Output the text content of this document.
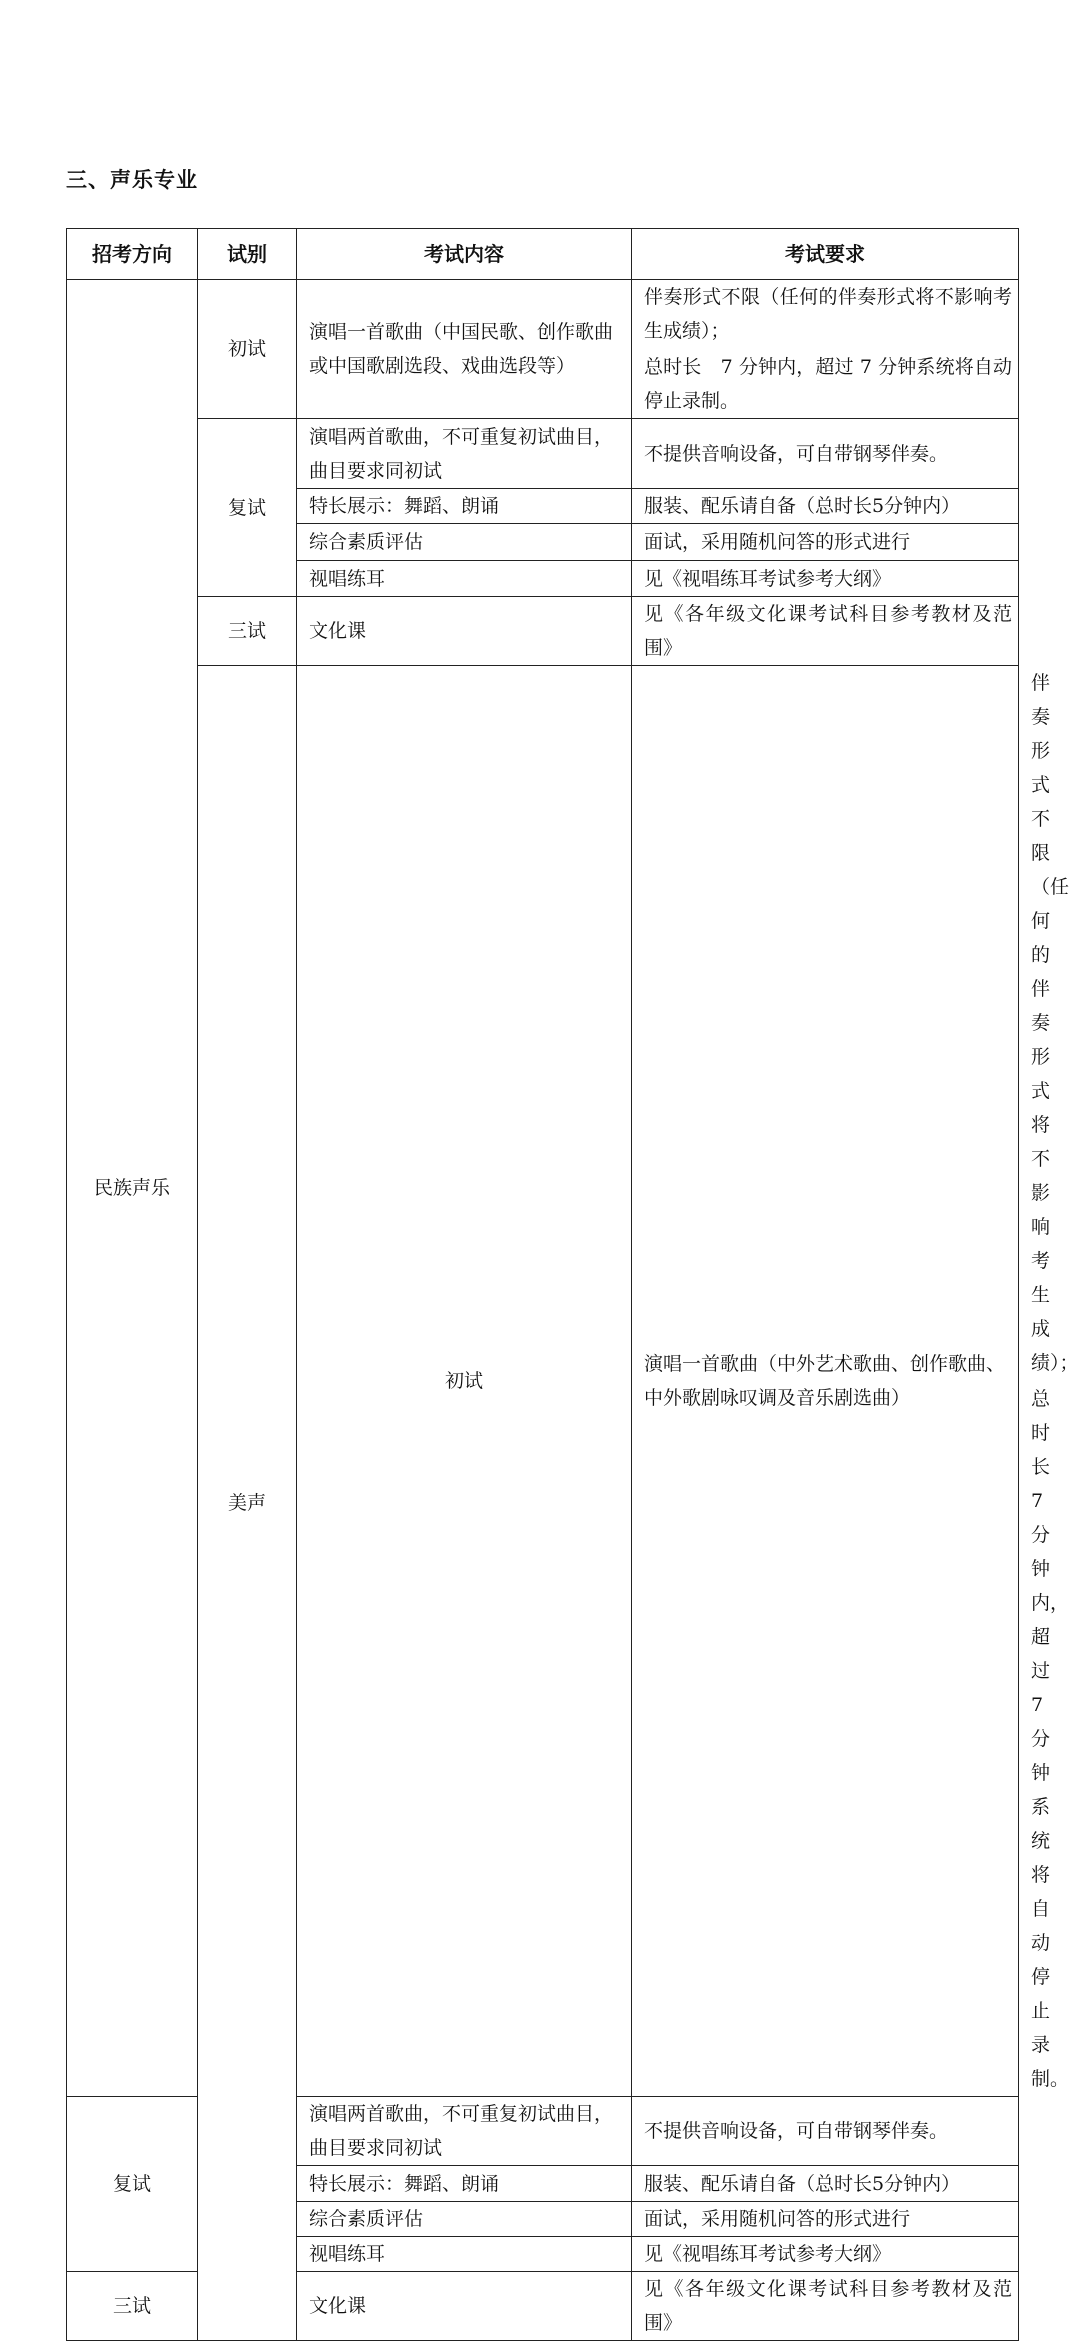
三、声乐专业
招考方向	试别	考试内容	考试要求	
民族声乐	初试	演唱一首歌曲（中国民歌、创作歌曲或中国歌剧选段、戏曲选段等）	伴奏形式不限（任何的伴奏形式将不影响考生成绩）；

总时长　7 分钟内，超过 7 分钟系统将自动停止录制。	

	复试	演唱两首歌曲，不可重复初试曲目，曲目要求同初试	不提供音响设备，可自带钢琴伴奏。	
		特长展示：舞蹈、朗诵	服装、配乐请自备（总时长5分钟内）	
		综合素质评估	面试，采用随机问答的形式进行	
		视唱练耳	见《视唱练耳考试参考大纲》	
	三试	文化课	见《各年级文化课考试科目参考教材及范围》	
	美声	初试	演唱一首歌曲（中外艺术歌曲、创作歌曲、中外歌剧咏叹调及音乐剧选曲）	伴奏形式不限（任何的伴奏形式将不影响考生成绩）；

总时长　7 分钟内，超过 7 分钟系统将自动停止录制。

复试		演唱两首歌曲，不可重复初试曲目，曲目要求同初试	不提供音响设备，可自带钢琴伴奏。	
		特长展示：舞蹈、朗诵	服装、配乐请自备（总时长5分钟内）	
		综合素质评估	面试，采用随机问答的形式进行	
		视唱练耳	见《视唱练耳考试参考大纲》	
三试		文化课	见《各年级文化课考试科目参考教材及范围》	
